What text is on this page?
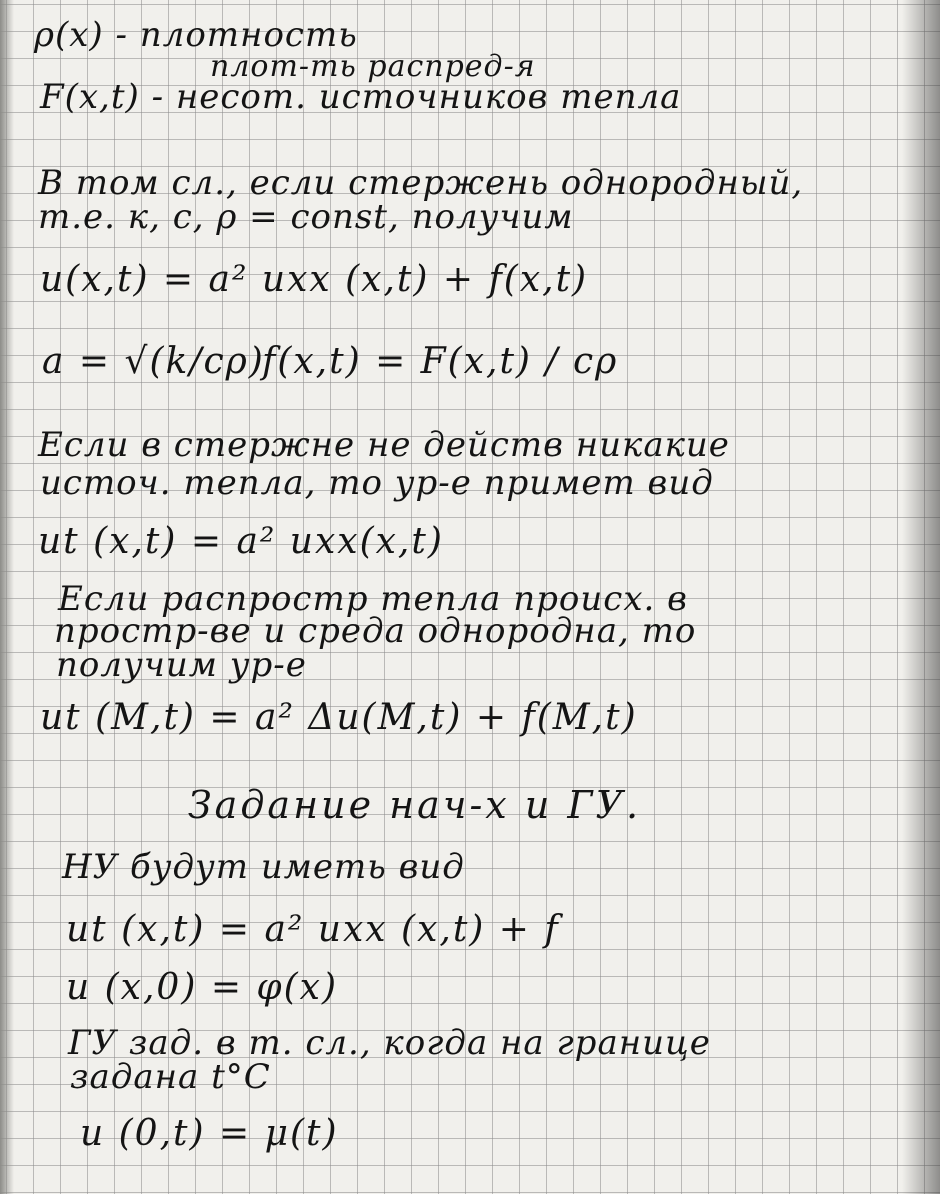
ρ(x) - плотность
плот-ть распред-я
F(x,t) - несот. источников тепла
В том сл., если стержень однородный,
т.е. к, с, ρ = const, получим
u(x,t) = a² uxx (x,t) + f(x,t)
a = √(k/cρ)
f(x,t) = F(x,t) / cρ
Если в стержне не действ никакие
источ. тепла, то ур-е примет вид
ut (x,t) = a² uxx(x,t)
Если распростр тепла происх. в
простр-ве и среда однородна, то
получим ур-е
ut (M,t) = a² Δu(M,t) + f(M,t)
Задание нач-х и ГУ.
НУ будут иметь вид
ut (x,t) = a² uxx (x,t) + f
u (x,0) = φ(x)
ГУ зад. в т. сл., когда на границе
задана t°C
u (0,t) = μ(t)
